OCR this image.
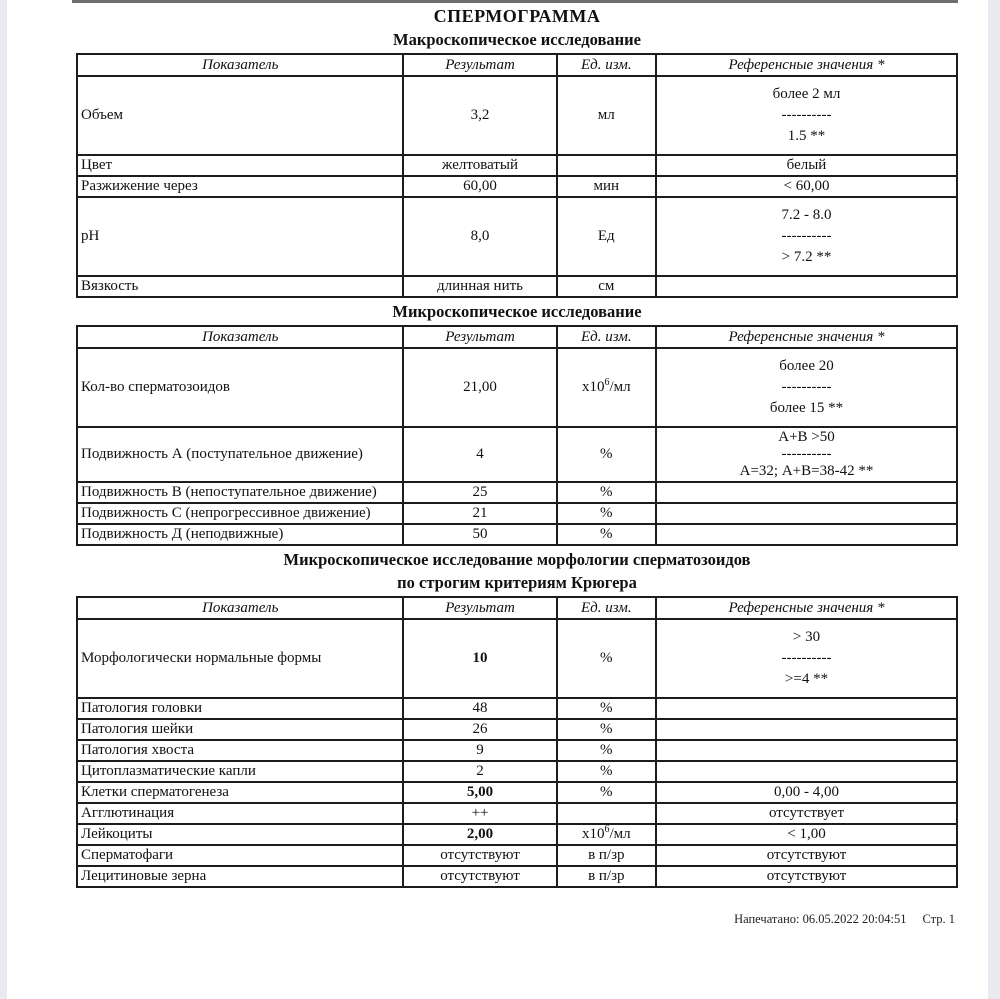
СПЕРМОГРАММА
Макроскопическое исследование
Показатель	Результат	Ед. изм.	Референсные значения *
Объем	3,2	мл	более 2 мл
----------
1.5 **

Цвет	желтоватый		белый
Разжижение через	60,00	мин	< 60,00
pH	8,0	Ед	7.2 - 8.0
----------
> 7.2 **

Вязкость	длинная нить	см	
Микроскопическое исследование
Показатель	Результат	Ед. изм.	Референсные значения *
Кол-во сперматозоидов	21,00	$x10^6/мл$	более 20
----------
более 15 **

Подвижность А (поступательное движение)	4	%	А+В >50
----------
А=32; А+В=38-42 **

Подвижность В (непоступательное движение)	25	%	
Подвижность С (непрогрессивное движение)	21	%	
Подвижность Д (неподвижные)	50	%	
Микроскопическое исследование морфологии сперматозоидов
по строгим критериям Крюгера
Показатель	Результат	Ед. изм.	Референсные значения *
Морфологически нормальные формы	10	%	> 30
----------
>=4 **

Патология головки	48	%	
Патология шейки	26	%	
Патология хвоста	9	%	
Цитоплазматические капли	2	%	
Клетки сперматогенеза	5,00	%	0,00 - 4,00
Агглютинация	++		отсутствует
Лейкоциты	2,00	$x10^6/мл$	< 1,00
Сперматофаги	отсутствуют	в п/зр	отсутствуют
Лецитиновые зерна	отсутствуют	в п/зр	отсутствуют
Напечатано: 06.05.2022 20:04:51 Стр. 1
